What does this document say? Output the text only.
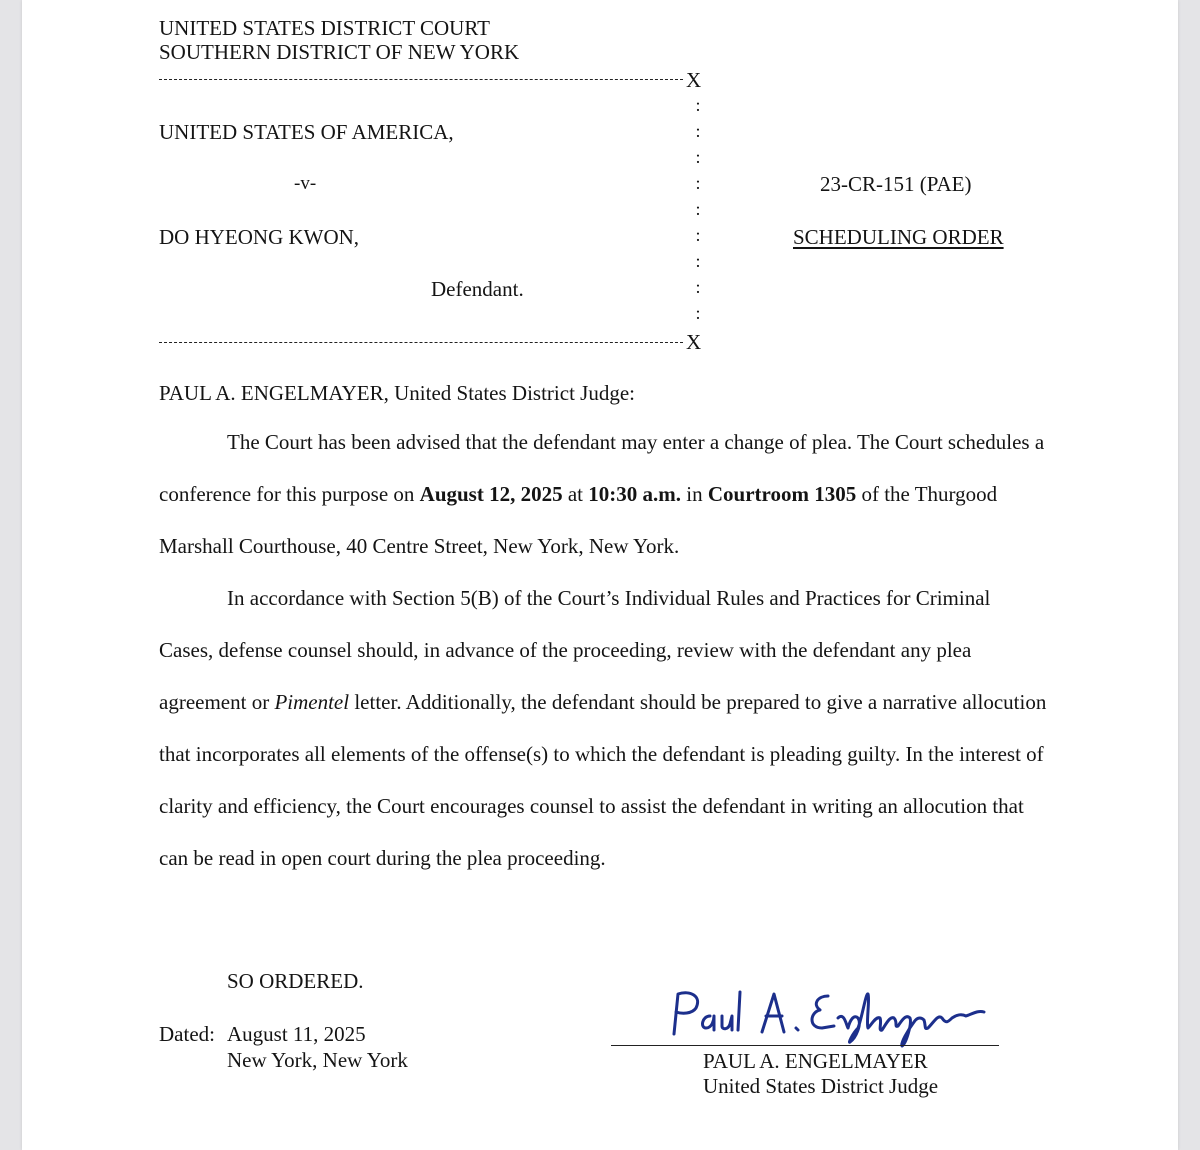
UNITED STATES DISTRICT COURT
SOUTHERN DISTRICT OF NEW YORK
X
:
:
:
:
:
:
:
:
:
UNITED STATES OF AMERICA,
-v-
DO HYEONG KWON,
Defendant.
23-CR-151 (PAE)
SCHEDULING ORDER
X
PAUL A. ENGELMAYER, United States District Judge:

The Court has been advised that the defendant may enter a change of plea. The Court schedules a conference for this purpose on August 12, 2025 at 10:30 a.m. in Courtroom 1305 of the Thurgood Marshall Courthouse, 40 Centre Street, New York, New York.

In accordance with Section 5(B) of the Court’s Individual Rules and Practices for Criminal Cases, defense counsel should, in advance of the proceeding, review with the defendant any plea agreement or Pimentel letter. Additionally, the defendant should be prepared to give a narrative allocution that incorporates all elements of the offense(s) to which the defendant is pleading guilty. In the interest of clarity and efficiency, the Court encourages counsel to assist the defendant in writing an allocution that can be read in open court during the plea proceeding.

SO ORDERED.
Dated: August 11, 2025
New York, New York	PAUL A. ENGELMAYER
United States District Judge
